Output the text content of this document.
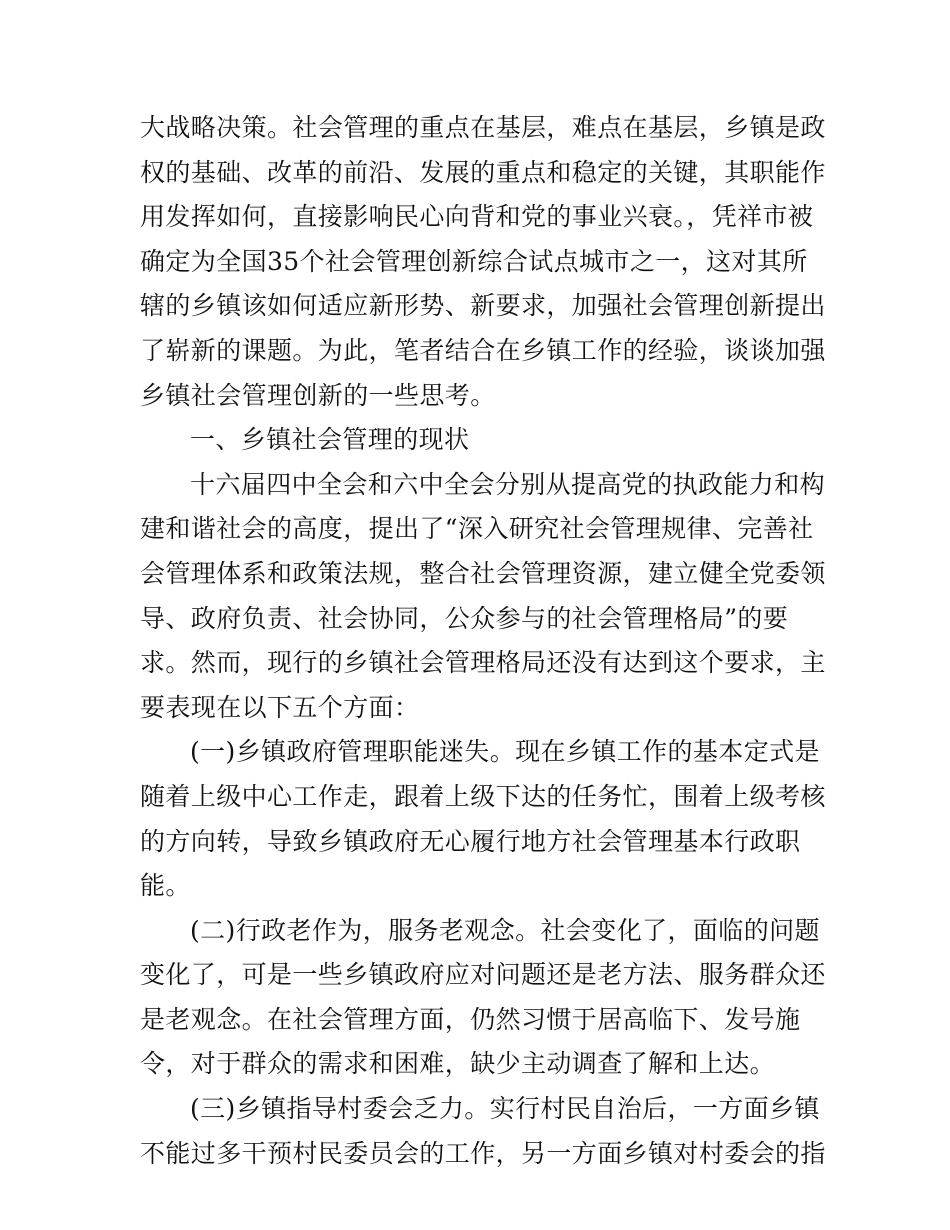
大战略决策。社会管理的重点在基层，难点在基层，乡镇是政
权的基础、改革的前沿、发展的重点和稳定的关键，其职能作
用发挥如何，直接影响民心向背和党的事业兴衰。，凭祥市被
确定为全国35个社会管理创新综合试点城市之一，这对其所
辖的乡镇该如何适应新形势、新要求，加强社会管理创新提出
了崭新的课题。为此，笔者结合在乡镇工作的经验，谈谈加强
乡镇社会管理创新的一些思考。
一、乡镇社会管理的现状
十六届四中全会和六中全会分别从提高党的执政能力和构
建和谐社会的高度，提出了“深入研究社会管理规律、完善社
会管理体系和政策法规，整合社会管理资源，建立健全党委领
导、政府负责、社会协同，公众参与的社会管理格局”的要
求。然而，现行的乡镇社会管理格局还没有达到这个要求，主
要表现在以下五个方面：
(一)乡镇政府管理职能迷失。现在乡镇工作的基本定式是
随着上级中心工作走，跟着上级下达的任务忙，围着上级考核
的方向转，导致乡镇政府无心履行地方社会管理基本行政职
能。
(二)行政老作为，服务老观念。社会变化了，面临的问题
变化了，可是一些乡镇政府应对问题还是老方法、服务群众还
是老观念。在社会管理方面，仍然习惯于居高临下、发号施
令，对于群众的需求和困难，缺少主动调查了解和上达。
(三)乡镇指导村委会乏力。实行村民自治后，一方面乡镇
不能过多干预村民委员会的工作，另一方面乡镇对村委会的指
